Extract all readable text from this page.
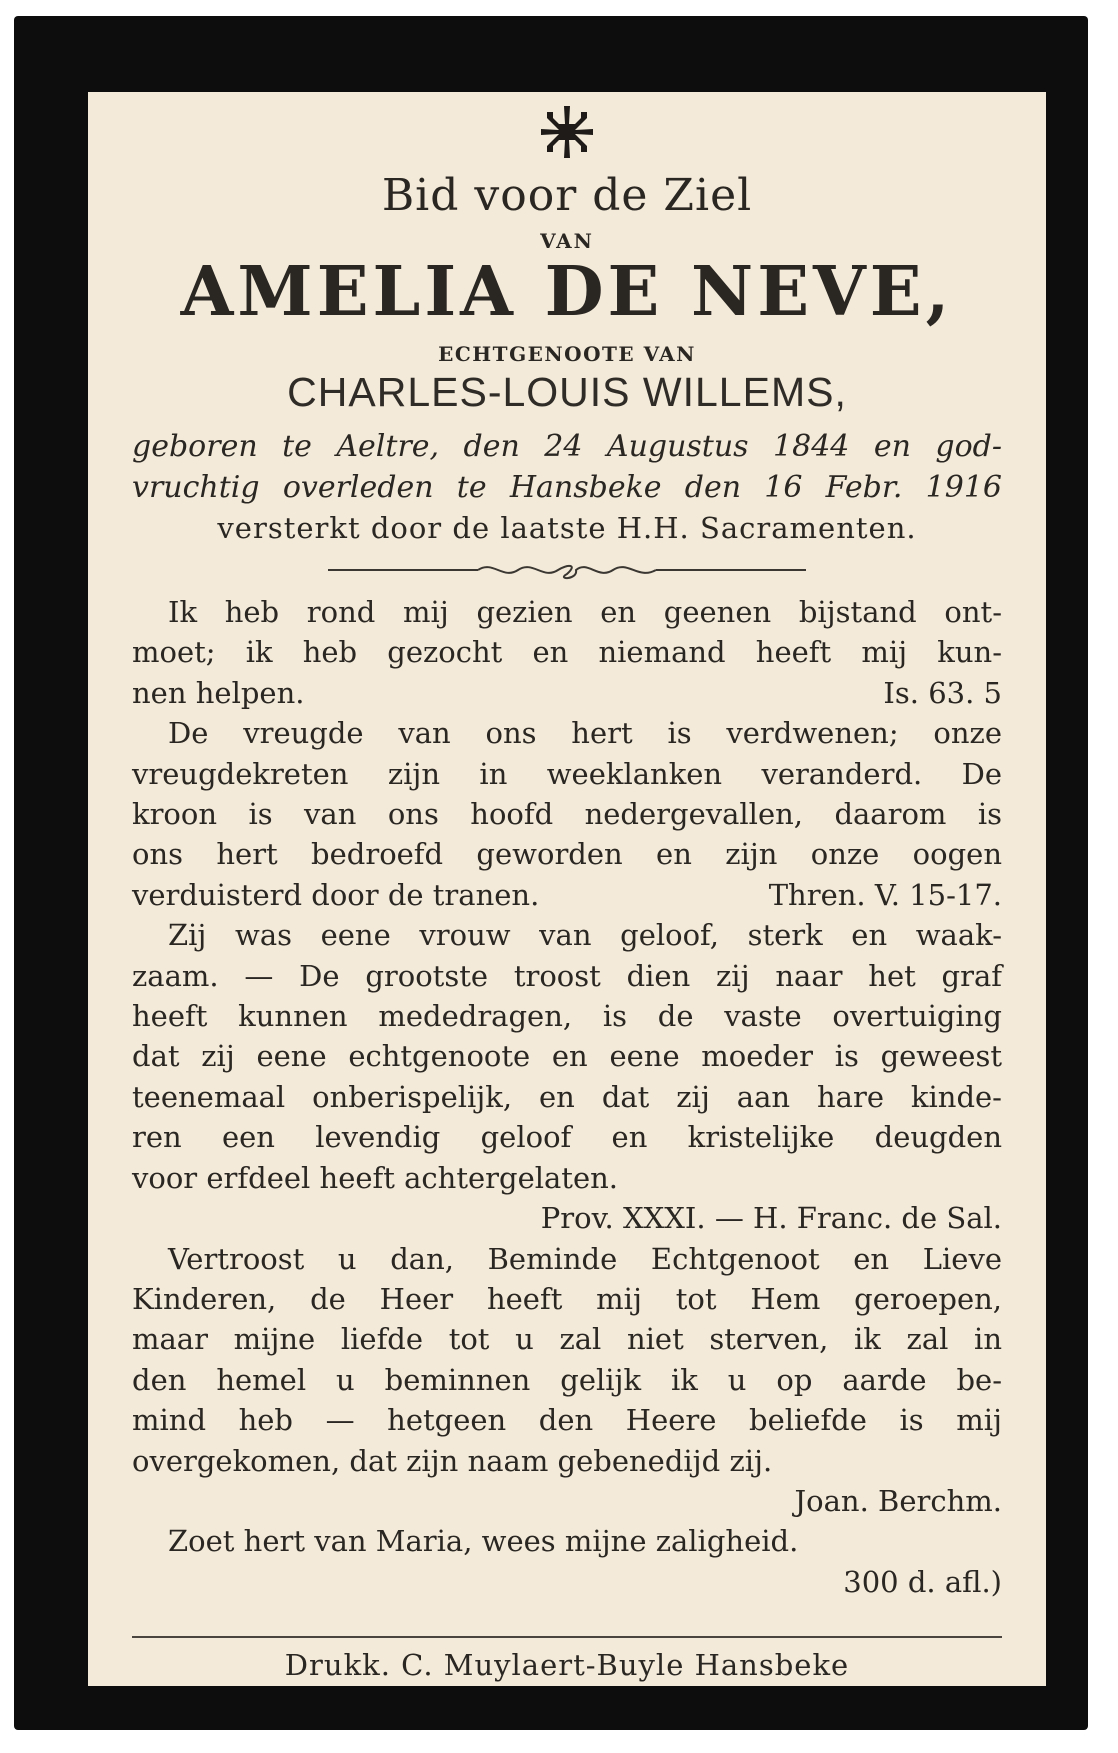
Bid voor de Ziel
VAN
AMELIA DE NEVE,
ECHTGENOOTE VAN
CHARLES-LOUIS WILLEMS,
geboren te Aeltre, den 24 Augustus 1844 en god-
vruchtig overleden te Hansbeke den 16 Febr. 1916
versterkt door de laatste H.H. Sacramenten.
Ik heb rond mij gezien en geenen bijstand ont-
moet; ik heb gezocht en niemand heeft mij kun-
nen helpen.	Is. 63. 5
De vreugde van ons hert is verdwenen; onze
vreugdekreten zijn in weeklanken veranderd. De
kroon is van ons hoofd nedergevallen, daarom is
ons hert bedroefd geworden en zijn onze oogen
verduisterd door de tranen.	Thren. V. 15-17.
Zij was eene vrouw van geloof, sterk en waak-
zaam. — De grootste troost dien zij naar het graf
heeft kunnen mededragen, is de vaste overtuiging
dat zij eene echtgenoote en eene moeder is geweest
teenemaal onberispelijk, en dat zij aan hare kinde-
ren een levendig geloof en kristelijke deugden
voor erfdeel heeft achtergelaten.
Prov. XXXI. — H. Franc. de Sal.
Vertroost u dan, Beminde Echtgenoot en Lieve
Kinderen, de Heer heeft mij tot Hem geroepen,
maar mijne liefde tot u zal niet sterven, ik zal in
den hemel u beminnen gelijk ik u op aarde be-
mind heb — hetgeen den Heere beliefde is mij
overgekomen, dat zijn naam gebenedijd zij.
Joan. Berchm.
Zoet hert van Maria, wees mijne zaligheid.
300 d. afl.)
Drukk. C. Muylaert-Buyle Hansbeke
